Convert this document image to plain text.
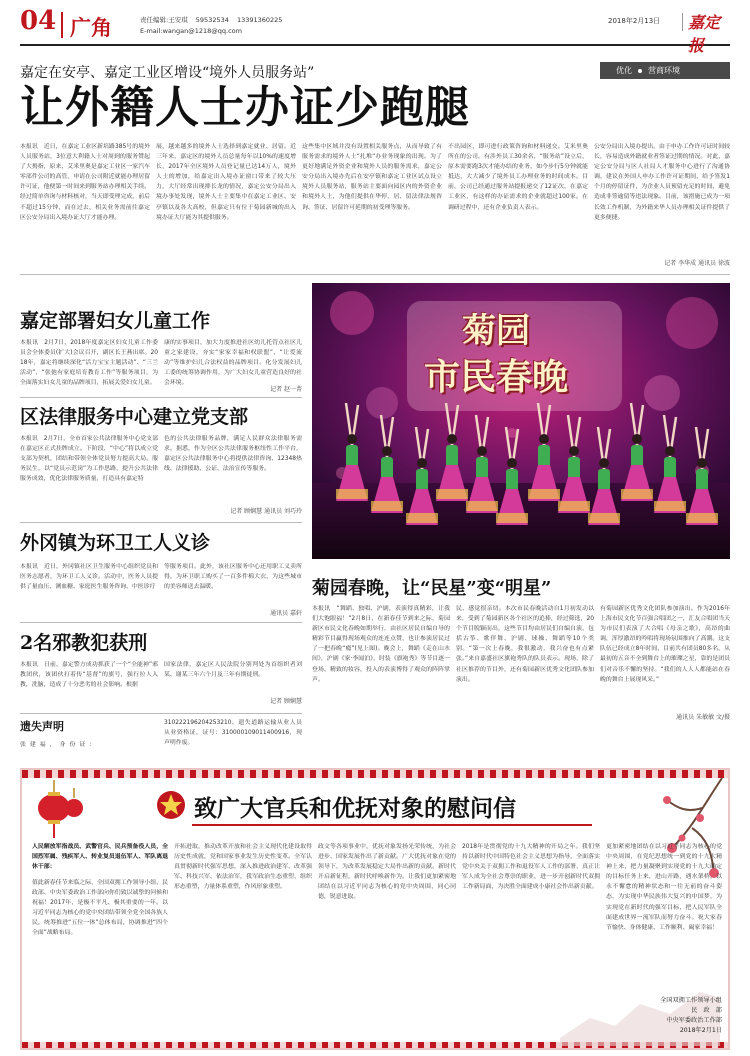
04 广角	责任编辑:王安琪 59532534 13391360225
E-mail:wangan@1218@qq.com
2018年2月13日 嘉定报
嘉定在安亭、嘉定工业区增设“境外人员服务站”	优化 营商环境
让外籍人士办证少跑腿
本报讯　近日，在嘉定工业区新培路385号的境外人员服务站，3位意大利籍人士对周到的服务赞起了大拇指，原来，艾米里奥是嘉定工业区一家汽车零部件公司的高管，申请在公司附近就能办理居留许可证，他便第一时间来到服务站办理相关手续。经过简单咨询与材料核对，当天即受理完成，前后不超过15分钟，而在过去，相关业务需前往嘉定区公安分局出入境办证大厅才能办理。
展，越来越多的境外人士选择到嘉定就业、居留。近三年来，嘉定区的境外人员总量每年以10%的速度增长，2017年全区境外人员登记量已达14万人，境外人士的增加，给嘉定出入境办证窗口带来了较大压力，大厅经常出现排长龙的情况，嘉定公安分局出入境办事处发现，境外人士主要集中在嘉定工业区、安亭镇以及各大高校，但嘉定只有位于菊园新城的出入境办证大厅能为其提供服务。
这些集中区域并没有设置相关服务点，从而导致了有服务需求的境外人士“扎堆”办业务现象的出现。为了更好地满足外资企业和境外人员的服务需求，嘉定公安分局出入境办先后在安亭镇和嘉定工业区试点设立境外人员服务站，服务站主要面向园区内的外资企业和境外人士，为他们提供在华停、居、留法律法规咨询、签证、居留许可延期的初受理等服务。
不出园区，即可进行政策咨询和材料递交。艾米里奥所在的公司，有涉外员工30余名，“服务站”设立后，原本需要跑3次才能办结的业务，如今步行5分钟就能抵达，大大减少了境外员工办理业务的时间成本。目前，公司已经通过服务站提报递交了12证次，在嘉定工业区，有这样的办证需求的企业就超过100家。在调研过程中，还有企业负责人表示。
公安分局出入境办提出，由于申办工作许可证时间较长，容易造成外籍就业者签证过期的情况。对此，嘉定公安分局与区人社局人才服务中心进行了沟通协调，建议在外国人申办工作许可证期间，给予签发1个月的停留证件，为企业人员预留充足的时间，避免造成非签逾留等违法现象。目前，该措施已成为一项长效工作机制，为外籍来华人员办理相关证件提供了更多便捷。
记者 李华成 通讯员 徐波
嘉定部署妇女儿童工作
本报讯　2月7日，2018年度嘉定区妇女儿童工作委员会全体委员(扩大)会议召开，副区长王燕出席。2018年，嘉定将继续深化“活力宝宝主题活动”、“三兰活动”，“张弛有家庭培育教育工作”等服务项目，为全面落实妇女儿童的品牌项目，拓展关爱妇女儿童。
康的实事项目，加大力度推进社区幼儿托管点社区儿童之家建设，夯实“家家幸福和权联盟”、“让爱流动”等维护妇儿合法权益的品牌项目。化分发展妇儿工委的统筹协调作用，为广大妇女儿童营造良好的社会环境。
记者 赵一菁
区法律服务中心建立党支部
本报讯　2月7日，全市首家公共法律服务中心党支部在嘉定区正式挂牌成立。下阶段，“中心”将以成立党支部为契机，团结和带领全体党员努力提高大局，服务民生，以“党员示范岗”为工作思路，提升公共法律服务成效，优化法律服务质量，打造具有嘉定特
色的公共法律服务品牌，满足人民群众法律服务需求。据悉，作为全区公共法律服务枢纽性工作平台，嘉定区公共法律服务中心将提供法律咨询、12348热线、法律援助、公证、法治宣传等服务。
记者 顾娴慧 通讯员 刘巧玲
外冈镇为环卫工人义诊
本报讯　近日，外冈镇社区卫生服务中心组织党员和医务志愿者，为环卫工人义诊。活动中，医务人员提供了量血压、测血糖、家庭医生服务咨询、中医诊疗
等服务项目。此外，该社区服务中心还用职工义卖所得，为环卫职工购买了一百多件棉大衣，为这些城市的美容师送去温暖。
通讯员 嘉轩
2名邪教犯获刑
本报讯　日前，嘉定警方成功抓获了一个“全能神”邪教团伙，该团伙打着传“基督”的旗号，强行拉人入教，洗脑，造成了十分恶劣的社会影响。根据
国家法律，嘉定区人民法院分别判处为首组织者刘某、谢某三年六个月及三年有期徒刑。
记者 顾娴慧
遗失声明
张建福，身份证：
310222196204253210，遗失道路运输从业人员从业资格证，证号：310000109011400916，现声明作废。
菊园
市民春晚
菊园春晚，让“民星”变“明星”
本报讯　“舞蹈、独唱、沪剧，表演得真精彩，让我们大饱眼福！”2月8日，在新春佳节到来之际，菊园新区市民文化春晚如期举行，由社区居民自编自导的精彩节目赢得现场观众的连连点赞，也让参演居民过了一把春晚“瘾”(见上图)。晚会上，舞蹈《走在山水间》，沪剧《家·李闻泊》，时装《旗袍秀》等节目逐一登场，精致的妆容，投入的表演博得了观众的阵阵掌声。
民、感觉很亲切。本次市民春晚活动自1月初发动以来，受到了菊园新区各个社区的追捧，经过筛选，20个节目脱颖而出，这些节目均由居民们自编自演，包括古筝、歌伴舞、沪剧、球操、舞蹈等10个类别。“第一次上春晚，我很激动，我兴奋也有点紧张。”来自嘉盛社区旗袍秀队的队员表示。现场，除了社区推荐的节目外，还有菊园新区优秀文化团队参加演出。
有菊园新区优秀文化团队参加演出。作为2016年上海市民文化节百强合唱团之一，汇友合唱团当天为市民们表演了大合唱《母亲之歌》，高昂的曲调，浑厚激昂的吟唱将现场氛围推向了高潮。这支队伍已经成立8年时间，目前共有团员80多名，从最初的五音不全到舞台上的璀璨之星，靠的是团员们对音乐不懈的坚持。“我们的人人人都能站在春晚的舞台上展现风采。”
通讯员 朱敏敏 文/摄
致广大官兵和优抚对象的慰问信
人民解放军指战员、武警官兵、民兵预备役人员，全国烈军属、残疾军人、转业复员退伍军人、军队离退休干部：
值此新春佳节来临之际，全国双拥工作领导小组、民政部、中央军委政治工作部向你们致以诚挚的问候和祝福！2017年，是极不平凡、极其重要的一年。以习近平同志为核心的党中央团结带领全党全国各族人民，统筹推进“五位一体”总体布局，协调推进“四个全面”战略布局。
开拓进取，推动改革开放和社会主义现代化建设取得历史性成就，党和国家事业发生历史性变革。全军认真贯彻新时代强军思想，深入推进政治建军、改革强军、科技兴军、依法治军，我军政治生态重塑，组织形态重塑，力量体系重塑，作风形象重塑。
政文等各项事业中，优抚对象发扬光荣传统，为社会进步、国家发展作出了新贡献。广大优抚对象在党的领导下，为改革发展稳定大局作出新的贡献。新时代开启新征程，新时代呼唤新作为。让我们更加紧密地团结在以习近平同志为核心的党中央周围，同心同德，锐意进取。
2018年是贯彻党的十九大精神的开局之年。我们坚持以新时代中国特色社会主义思想为指导，全面落实党中央关于双拥工作和退役军人工作的部署，真正让军人成为全社会尊崇的职业，进一步开创新时代双拥工作新局面，为决胜全面建成小康社会作出新贡献。
更加紧密地团结在以习近平同志为核心的党中央周围，在党纪思想统一到党的十九大精神上来，把力量凝聚到实现党的十九大确定的目标任务上来，进山开路，遇水架桥，以永不懈怠的精神状态和一往无前的奋斗姿态，为实现中华民族伟大复兴的中国梦，为实现党在新时代的强军目标，把人民军队全面建成世界一流军队而努力奋斗。祝大家春节愉快、身体健康、工作顺利、阖家幸福！
全国双拥工作领导小组
民　政　部
中央军委政治工作部
2018年2月1日
